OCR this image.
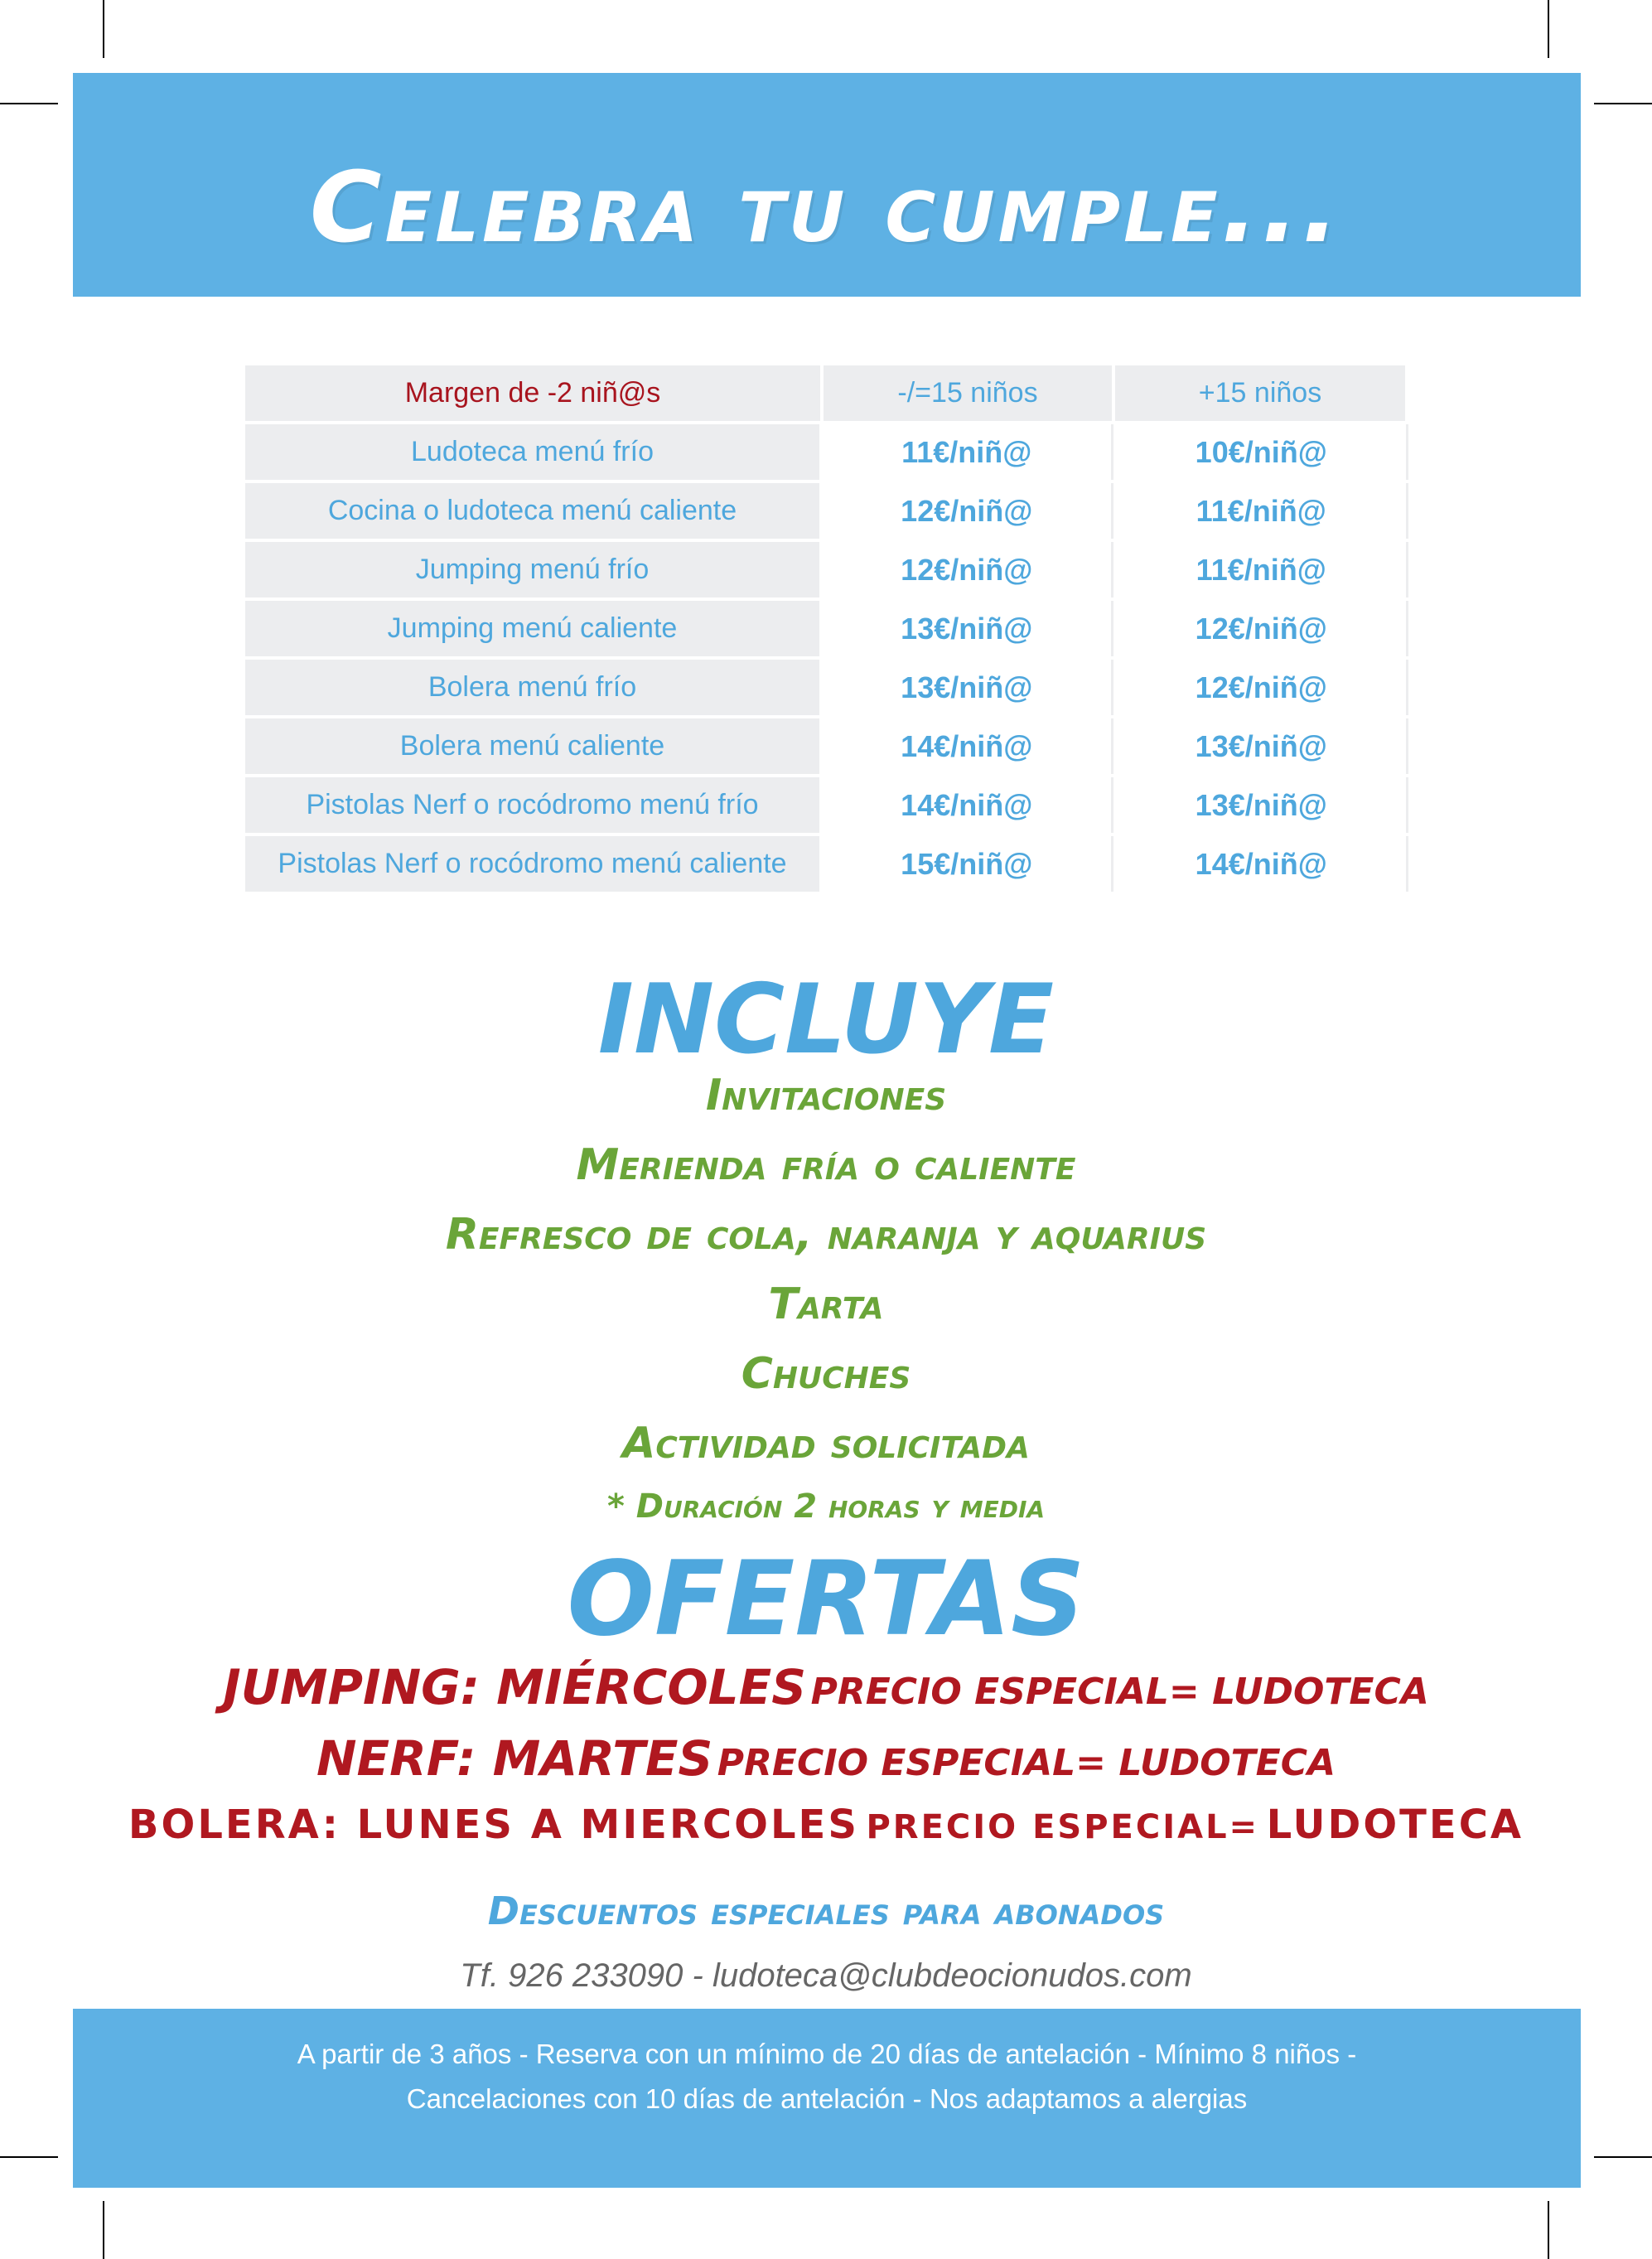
Celebra tu cumple...
Margen de -2 niñ@s	-/=15 niños	+15 niños
Ludoteca menú frío	11€/niñ@	10€/niñ@
Cocina o ludoteca menú caliente	12€/niñ@	11€/niñ@
Jumping menú frío	12€/niñ@	11€/niñ@
Jumping menú caliente	13€/niñ@	12€/niñ@
Bolera menú frío	13€/niñ@	12€/niñ@
Bolera menú caliente	14€/niñ@	13€/niñ@
Pistolas Nerf o rocódromo menú frío	14€/niñ@	13€/niñ@
Pistolas Nerf o rocódromo menú caliente	15€/niñ@	14€/niñ@
INCLUYE
Invitaciones
Merienda fría o caliente
Refresco de cola, naranja y aquarius
Tarta
Chuches
Actividad solicitada
* Duración 2 horas y media
OFERTAS
JUMPING: MIÉRCOLES PRECIO ESPECIAL= LUDOTECA
NERF: MARTES PRECIO ESPECIAL= LUDOTECA
BOLERA: LUNES A MIERCOLES PRECIO ESPECIAL= LUDOTECA
Descuentos especiales para abonados
Tf. 926 233090 - ludoteca@clubdeocionudos.com
A partir de 3 años - Reserva con un mínimo de 20 días de antelación - Mínimo 8 niños -
Cancelaciones con 10 días de antelación - Nos adaptamos a alergias
